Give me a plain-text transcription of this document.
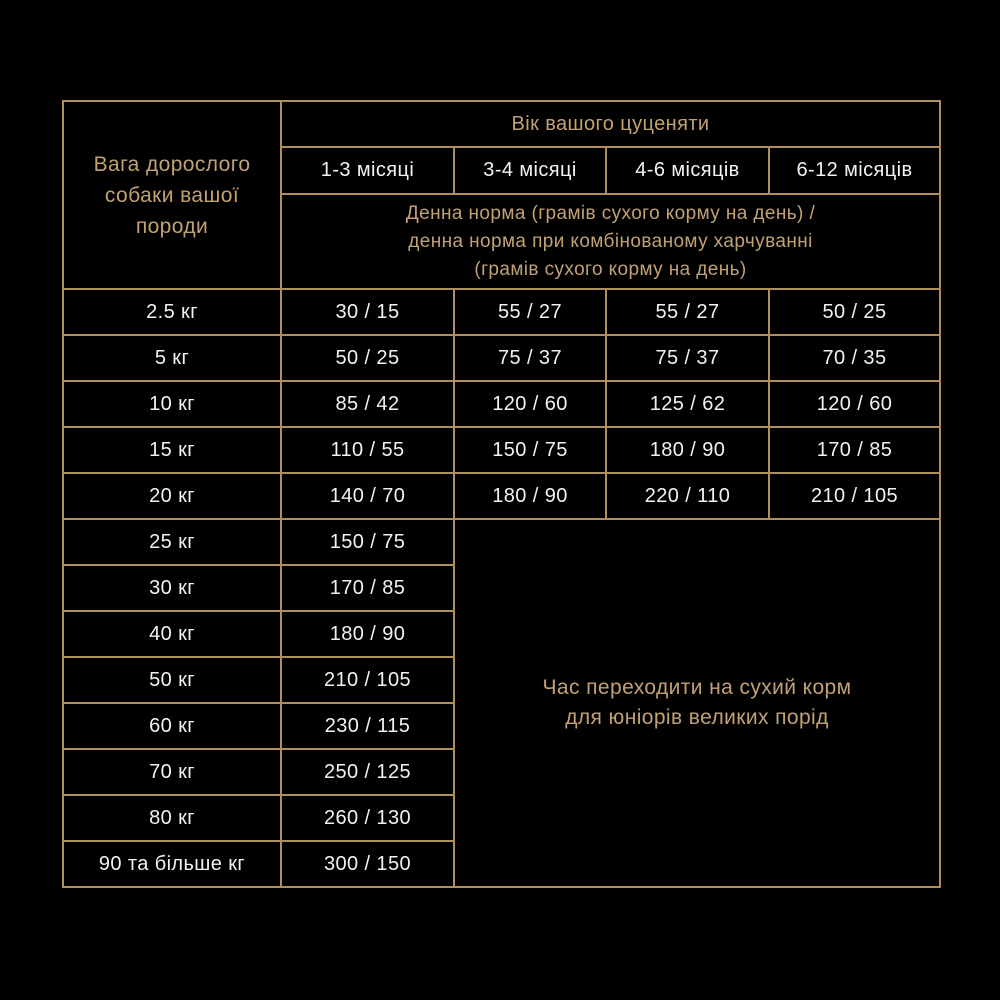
Вага дорослого собаки вашої породи	Вік вашого цуценяти			
	1-3 місяці	3-4 місяці	4-6 місяців	6-12 місяців

	Денна норма (грамів сухого корму на день) /
денна норма при комбінованому харчуванні
(грамів сухого корму на день)			

2.5 кг	30 / 15	55 / 27	55 / 27	50 / 25
5 кг	50 / 25	75 / 37	75 / 37	70 / 35
10 кг	85 / 42	120 / 60	125 / 62	120 / 60
15 кг	110 / 55	150 / 75	180 / 90	170 / 85
20 кг	140 / 70	180 / 90	220 / 110	210 / 105
25 кг	150 / 75	Час переходити на сухий корм
для юніорів великих порід		

30 кг	170 / 85			
40 кг	180 / 90			
50 кг	210 / 105			
60 кг	230 / 115			
70 кг	250 / 125			
80 кг	260 / 130			
90 та більше кг	300 / 150			
